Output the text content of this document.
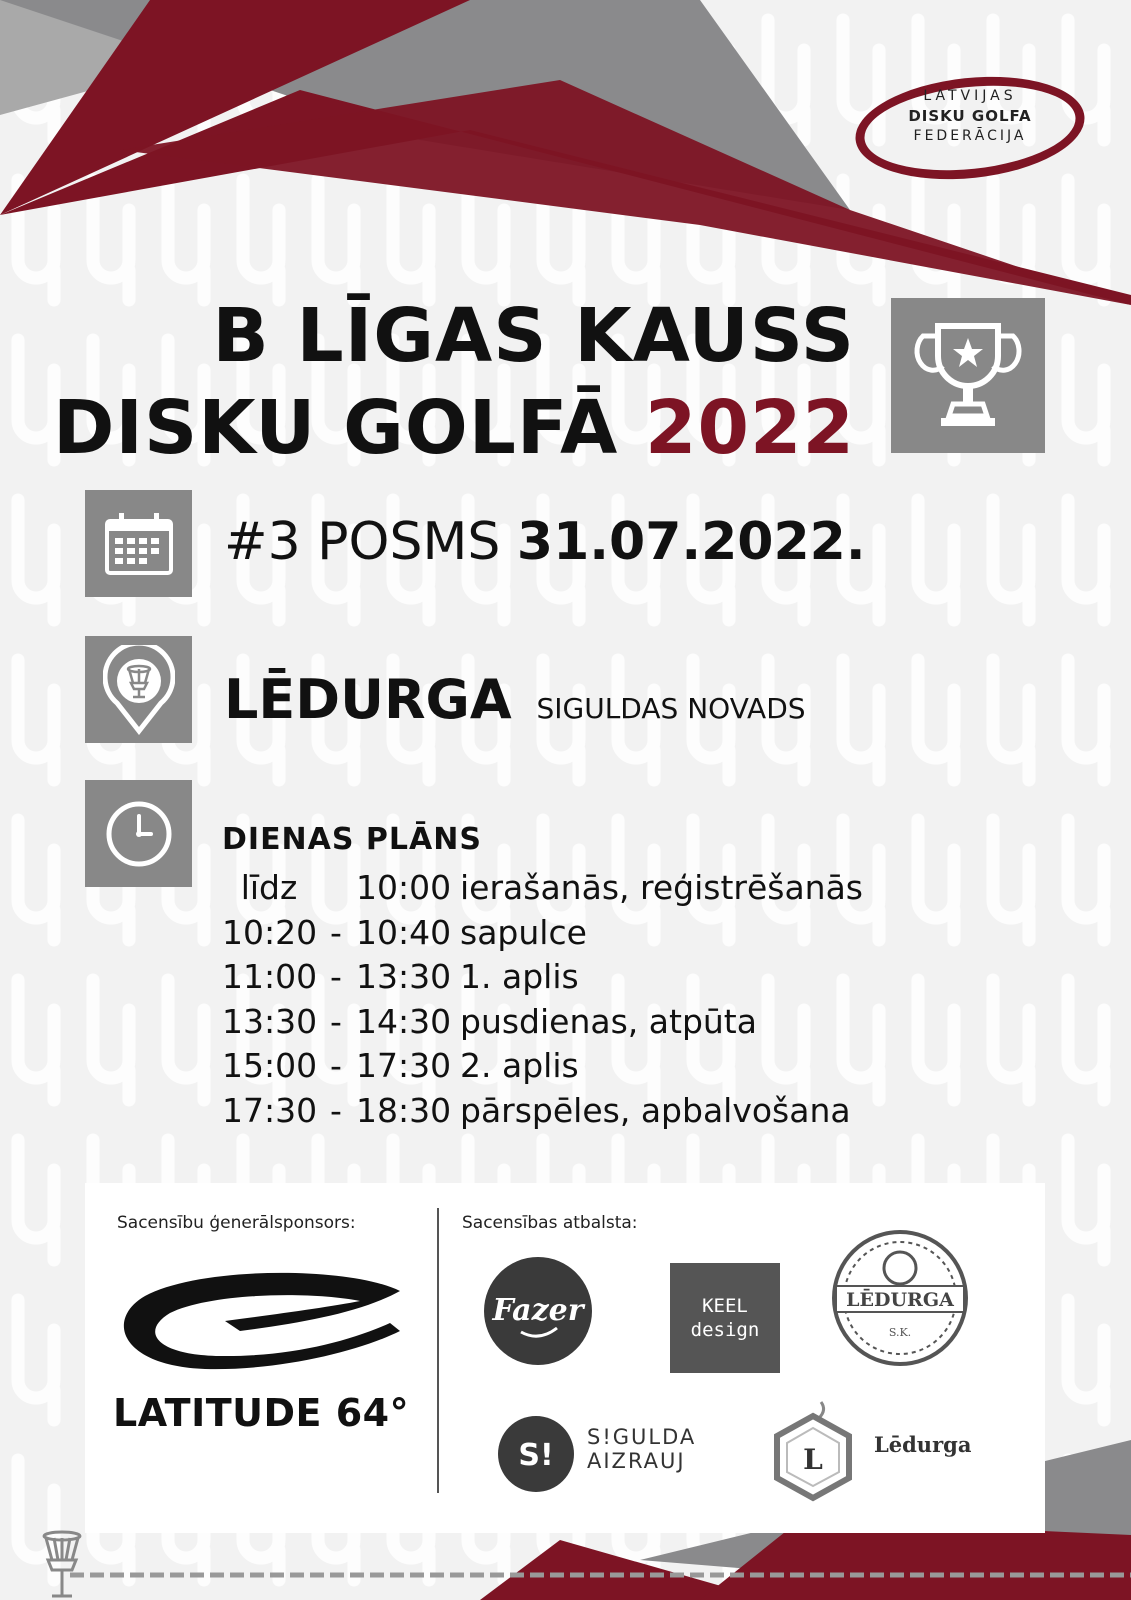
LATVIJAS
DISKU GOLFA
FEDERĀCIJA
B LĪGAS KAUSS
DISKU GOLFĀ 2022
#3 POSMS 31.07.2022.
LĒDURGA SIGULDAS NOVADS
DIENAS PLĀNS
līdz	10:00 ierašanās, reģistrēšanās
10:20 - 10:40 sapulce
11:00 - 13:30 1. aplis
13:30 - 14:30 pusdienas, atpūta
15:00 - 17:30 2. aplis
17:30 - 18:30 pārspēles, apbalvošana
Sacensību ģenerālsponsors:	Sacensības atbalsta:
LATITUDE 64°
Fazer	KEEL
design
LĒDURGA
S.K.
S!
S!GULDA
AIZRAUJ	L Lēdurga
